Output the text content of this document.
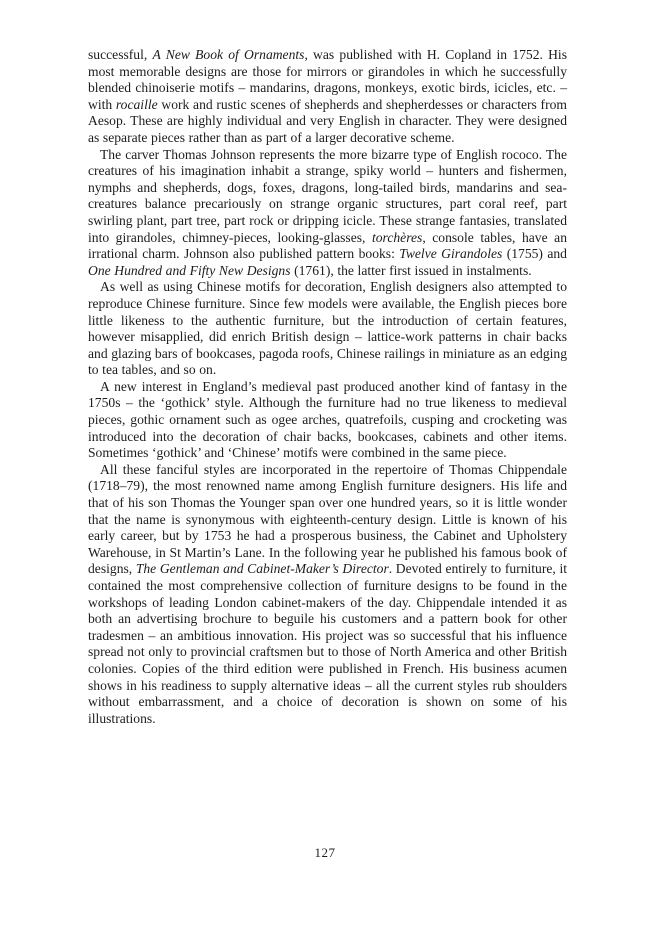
successful, A New Book of Ornaments, was published with H. Copland in 1752. His most memorable designs are those for mirrors or girandoles in which he successfully blended chinoiserie motifs – mandarins, dragons, monkeys, exotic birds, icicles, etc. – with rocaille work and rustic scenes of shepherds and shepherdesses or characters from Aesop. These are highly individual and very English in character. They were designed as separate pieces rather than as part of a larger decorative scheme.

The carver Thomas Johnson represents the more bizarre type of English rococo. The creatures of his imagination inhabit a strange, spiky world – hunters and fishermen, nymphs and shepherds, dogs, foxes, dragons, long-tailed birds, mandarins and sea-creatures balance precariously on strange organic structures, part coral reef, part swirling plant, part tree, part rock or dripping icicle. These strange fantasies, translated into girandoles, chimney-pieces, looking-glasses, torchères, console tables, have an irrational charm. Johnson also published pattern books: Twelve Girandoles (1755) and One Hundred and Fifty New Designs (1761), the latter first issued in instalments.

As well as using Chinese motifs for decoration, English designers also attempted to reproduce Chinese furniture. Since few models were available, the English pieces bore little likeness to the authentic furniture, but the introduction of certain features, however misapplied, did enrich British design – lattice-work patterns in chair backs and glazing bars of bookcases, pagoda roofs, Chinese railings in miniature as an edging to tea tables, and so on.

A new interest in England’s medieval past produced another kind of fantasy in the 1750s – the ‘gothick’ style. Although the furniture had no true likeness to medieval pieces, gothic ornament such as ogee arches, quatrefoils, cusping and crocketing was introduced into the decoration of chair backs, bookcases, cabinets and other items. Sometimes ‘gothick’ and ‘Chinese’ motifs were combined in the same piece.

All these fanciful styles are incorporated in the repertoire of Thomas Chippendale (1718–79), the most renowned name among English furniture designers. His life and that of his son Thomas the Younger span over one hundred years, so it is little wonder that the name is synonymous with eighteenth-century design. Little is known of his early career, but by 1753 he had a prosperous business, the Cabinet and Upholstery Warehouse, in St Martin’s Lane. In the following year he published his famous book of designs, The Gentleman and Cabinet-Maker’s Director. Devoted entirely to furniture, it contained the most comprehensive collection of furniture designs to be found in the workshops of leading London cabinet-makers of the day. Chippendale intended it as both an advertising brochure to beguile his customers and a pattern book for other tradesmen – an ambitious innovation. His project was so successful that his influence spread not only to provincial craftsmen but to those of North America and other British colonies. Copies of the third edition were published in French. His business acumen shows in his readiness to supply alternative ideas – all the current styles rub shoulders without embarrassment, and a choice of decoration is shown on some of his illustrations.

127
